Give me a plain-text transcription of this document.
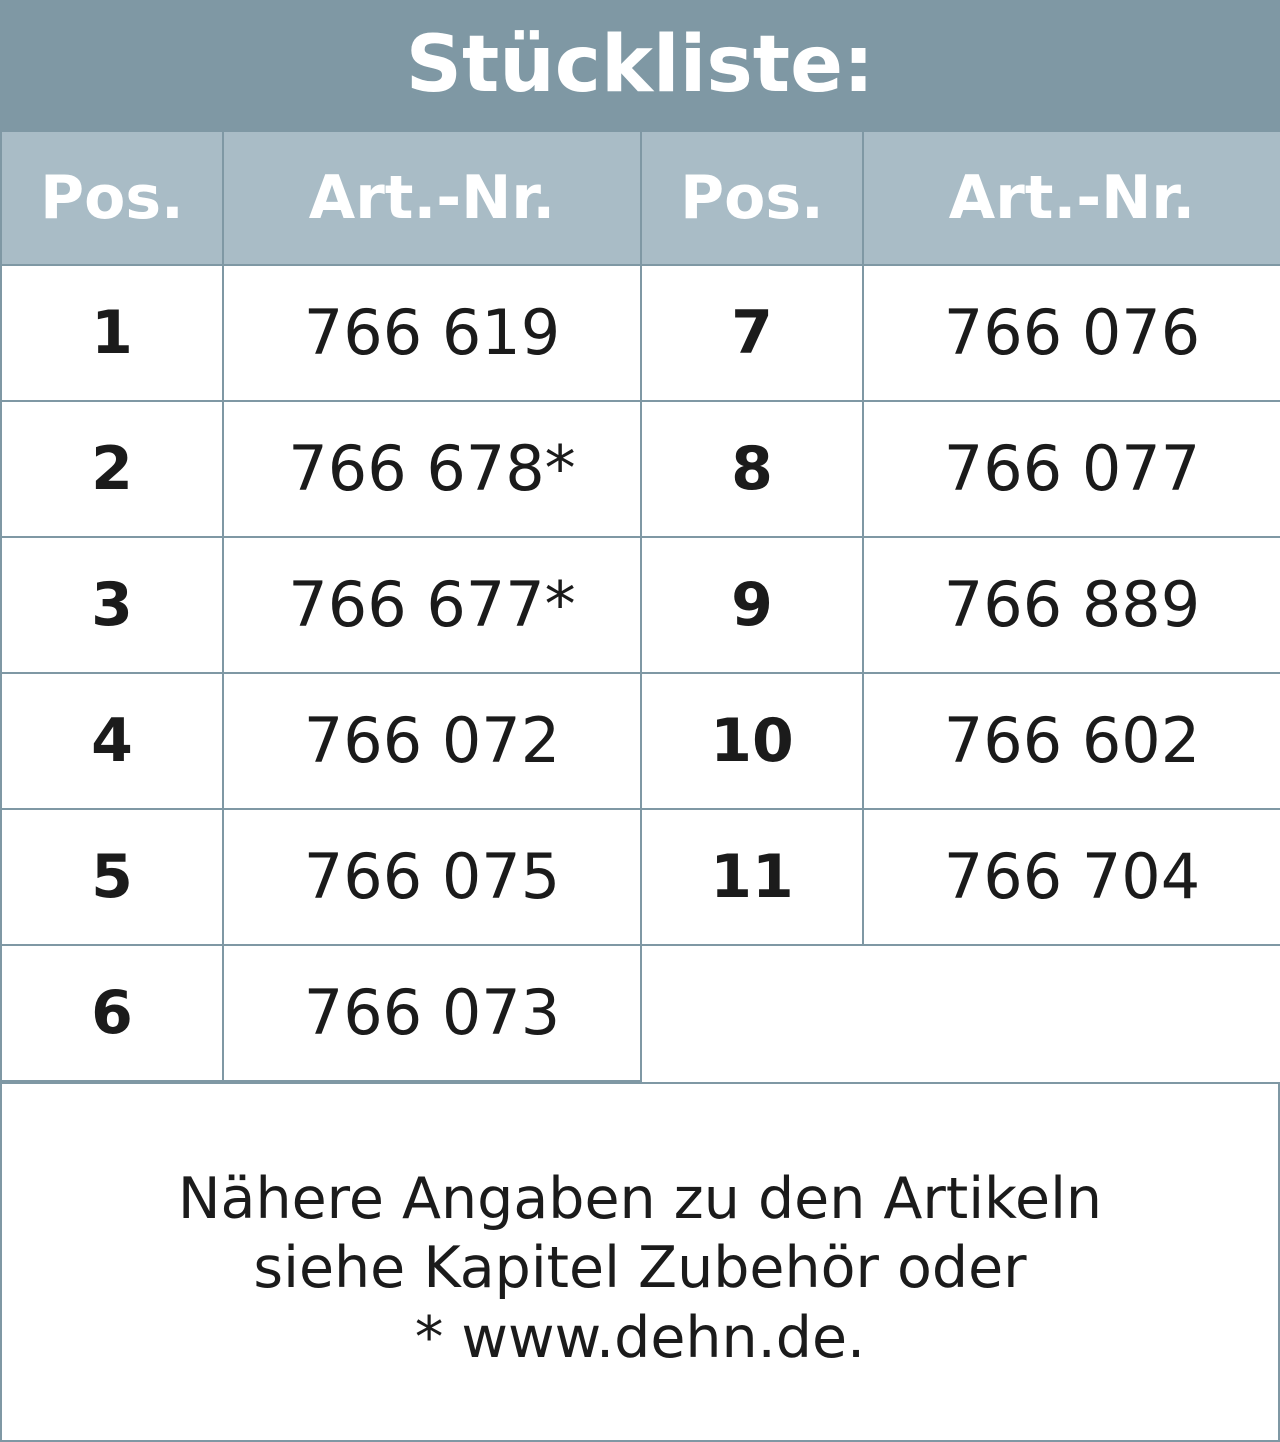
Stückliste:
Pos.	Art.-Nr.	Pos.	Art.-Nr.
1	766 619	7	766 076
2	766 678*	8	766 077
3	766 677*	9	766 889
4	766 072	10	766 602
5	766 075	11	766 704
6	766 073		
Nähere Angaben zu den Artikeln
siehe Kapitel Zubehör oder
* www.dehn.de.
